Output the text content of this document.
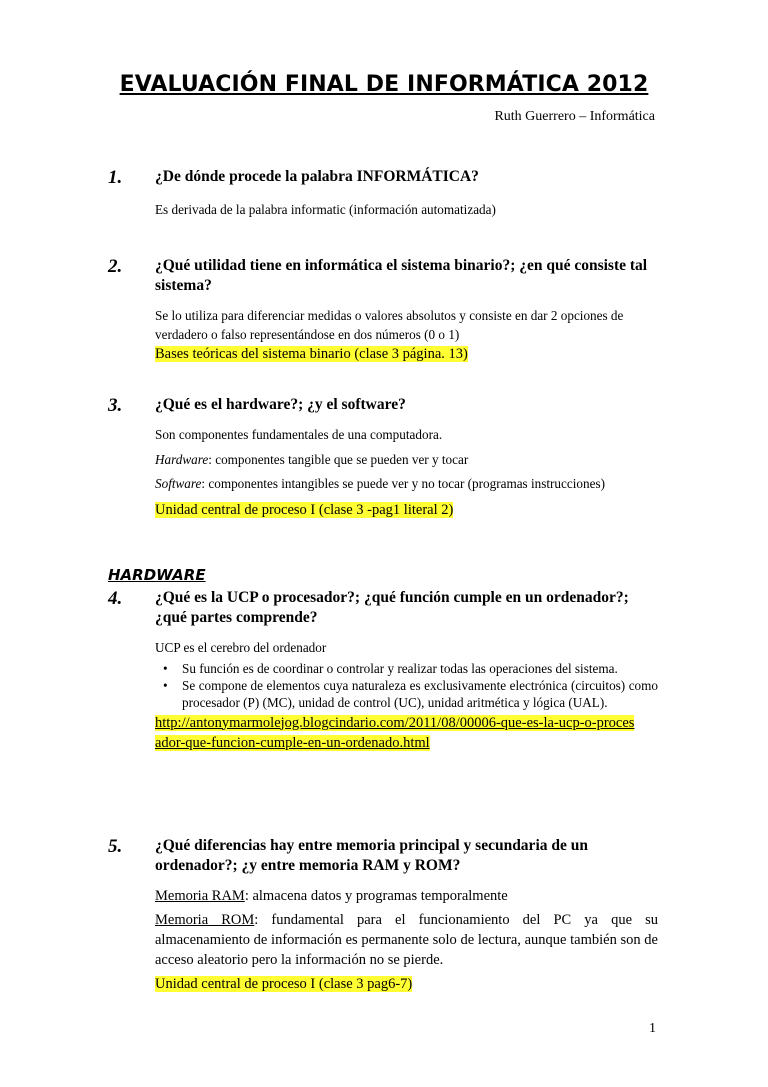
EVALUACIÓN FINAL DE INFORMÁTICA 2012
Ruth Guerrero – Informática
1. ¿De dónde procede la palabra INFORMÁTICA?
Es derivada de la palabra informatic (información automatizada)
2. ¿Qué utilidad tiene en informática el sistema binario?; ¿en qué consiste tal sistema?
Se lo utiliza para diferenciar medidas o valores absolutos y consiste en dar 2 opciones de verdadero o falso representándose en dos números (0 o 1)
Bases teóricas del sistema binario (clase 3 página. 13)
3. ¿Qué es el hardware?; ¿y el software?
Son componentes fundamentales de una computadora.
Hardware: componentes tangible que se pueden ver y tocar
Software: componentes intangibles se puede ver y no tocar (programas instrucciones)
Unidad central de proceso I (clase 3 -pag1 literal 2)
HARDWARE
4. ¿Qué es la UCP o procesador?; ¿qué función cumple en un ordenador?; ¿qué partes comprende?
UCP es el cerebro del ordenador
• Su función es de coordinar o controlar y realizar todas las operaciones del sistema.
• Se compone de elementos cuya naturaleza es exclusivamente electrónica (circuitos) como procesador (P) (MC), unidad de control (UC), unidad aritmética y lógica (UAL).
http://antonymarmolejog.blogcindario.com/2011/08/00006-que-es-la-ucp-o-procesador-que-funcion-cumple-en-un-ordenado.html
5. ¿Qué diferencias hay entre memoria principal y secundaria de un ordenador?; ¿y entre memoria RAM y ROM?
Memoria RAM: almacena datos y programas temporalmente
Memoria ROM: fundamental para el funcionamiento del PC ya que su almacenamiento de información es permanente solo de lectura, aunque también son de acceso aleatorio pero la información no se pierde.
Unidad central de proceso I (clase 3 pag6-7)
1
